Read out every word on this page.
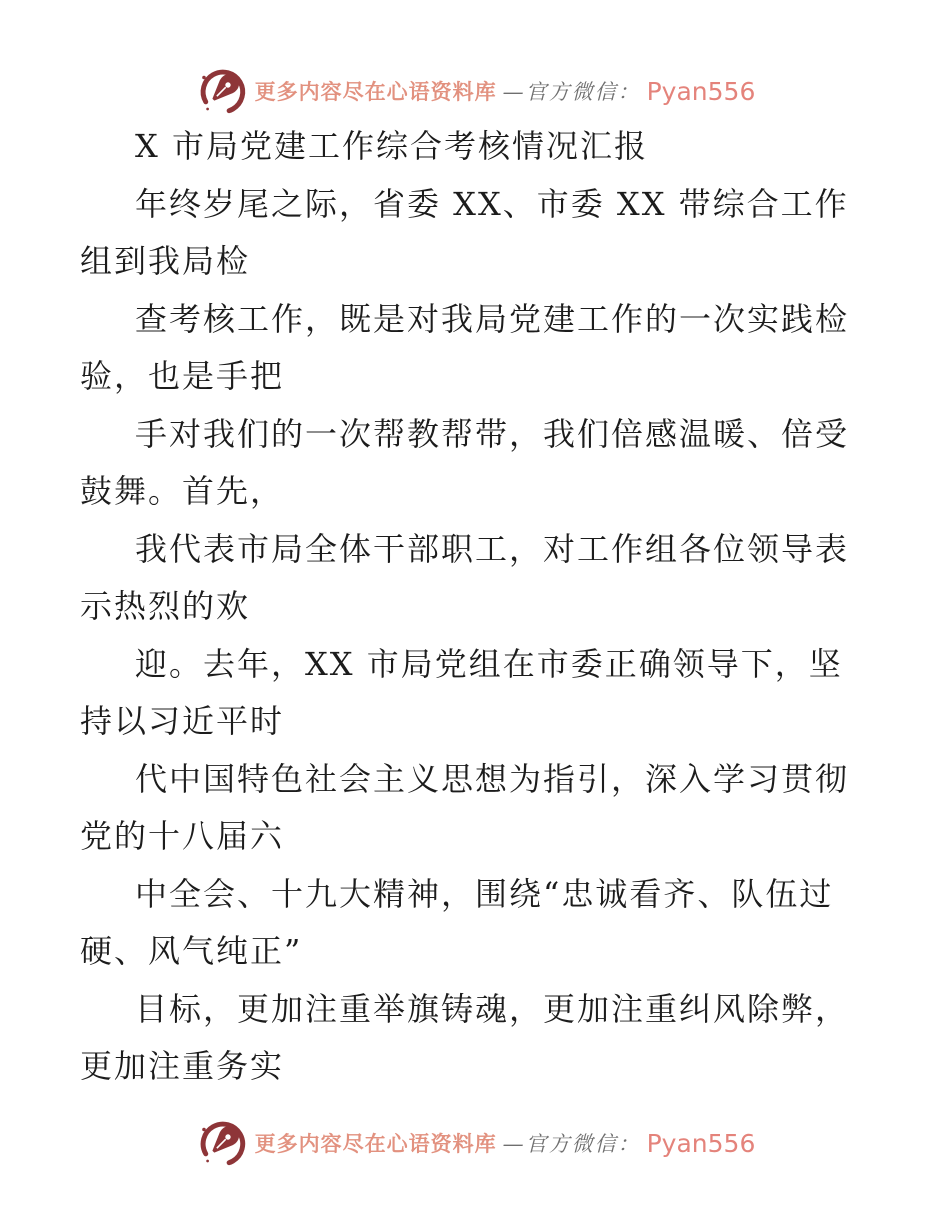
更多内容尽在心语资料库 —官方微信： Pyan556
X 市局党建工作综合考核情况汇报
年终岁尾之际，省委 XX、市委 XX 带综合工作
组到我局检
查考核工作，既是对我局党建工作的一次实践检
验，也是手把
手对我们的一次帮教帮带，我们倍感温暖、倍受
鼓舞。首先，
我代表市局全体干部职工，对工作组各位领导表
示热烈的欢
迎。去年，XX 市局党组在市委正确领导下，坚
持以习近平时
代中国特色社会主义思想为指引，深入学习贯彻
党的十八届六
中全会、十九大精神，围绕“忠诚看齐、队伍过
硬、风气纯正”
目标，更加注重举旗铸魂，更加注重纠风除弊，
更加注重务实
更多内容尽在心语资料库 —官方微信： Pyan556
